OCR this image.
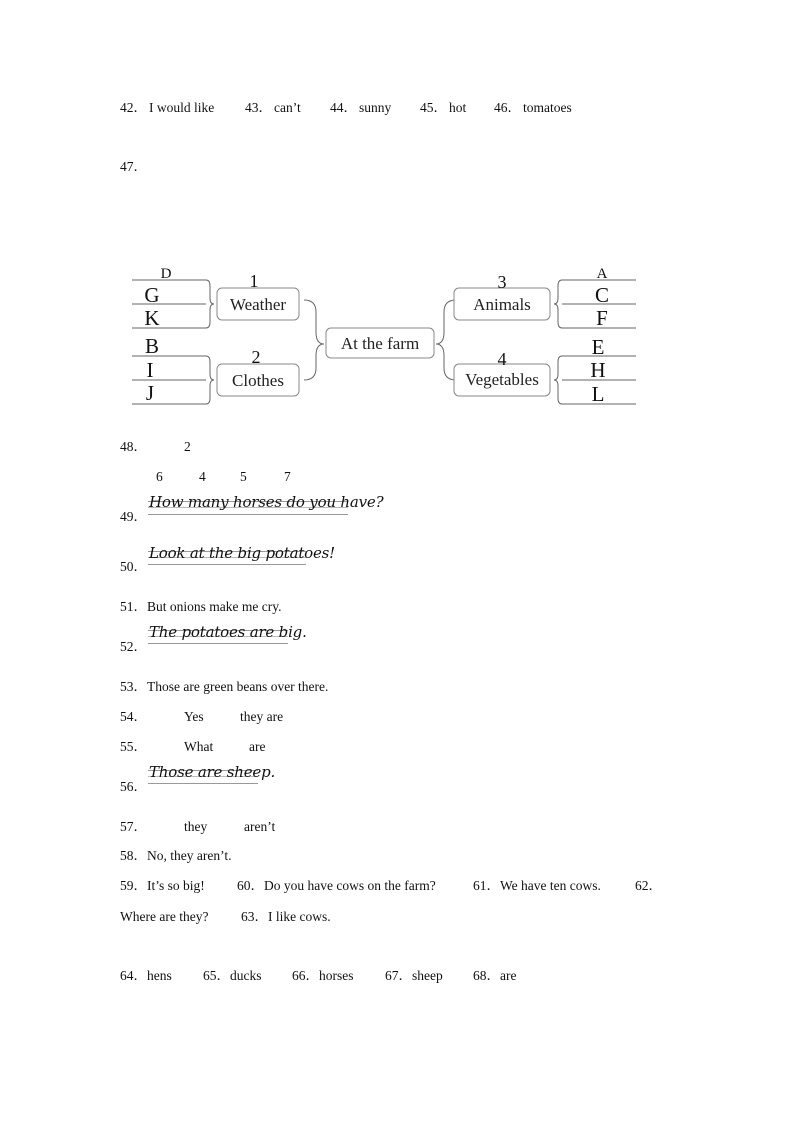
42． I would like 43． can’t 44． sunny 45． hot 46． tomatoes
47．
Weather
Clothes
At the farm
Animals
Vegetables
1
2
3
4
D
G
K
B
I
J
A
C
F
E
H
L
48．	2
6	4	5	7
How many horses do you have?
49．
Look at the big potatoes!
50．
51．But onions make me cry.
The potatoes are big.
52．
53．Those are green beans over there.
54．	Yes	they are
55．	What	are
Those are sheep.
56．
57．	they	aren’t
58．No, they aren’t.
59．It’s so big! 60．Do you have cows on the farm?	61．We have ten cows.	62．
Where are they? 63．I like cows.
64．hens 65．ducks 66．horses 67．sheep 68．are
